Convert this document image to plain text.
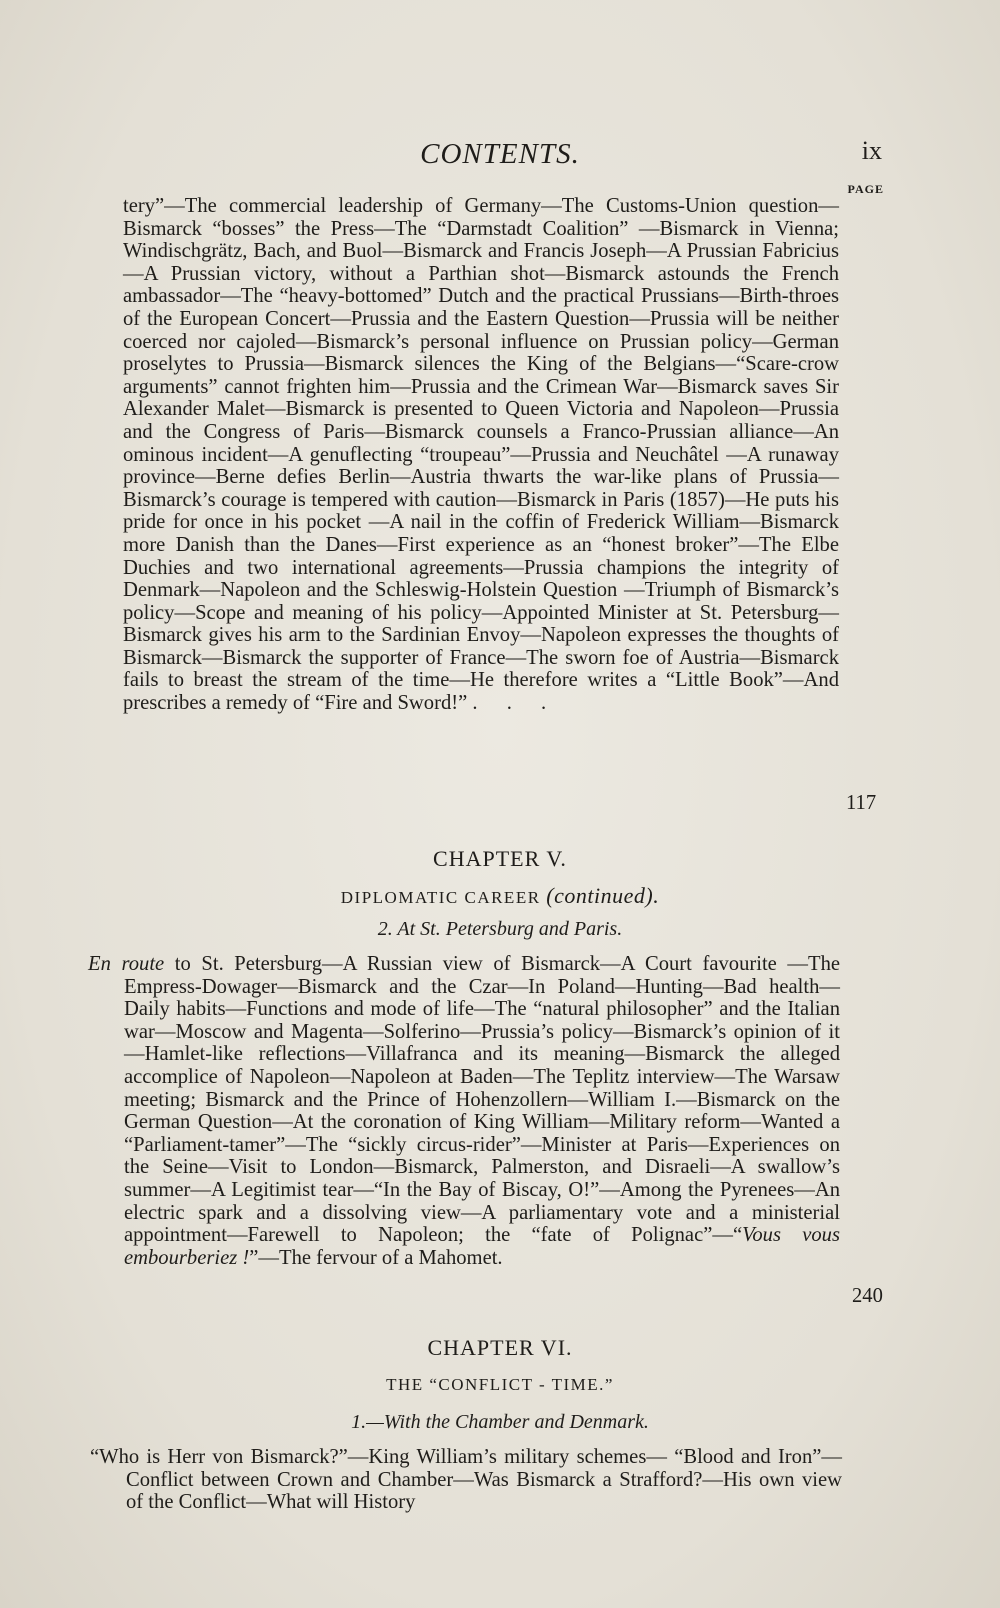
CONTENTS.	ix
PAGE
tery”—The commercial leadership of Germany—The Customs-Union question—Bismarck “bosses” the Press—The “Darmstadt Coalition” —Bismarck in Vienna; Windischgrätz, Bach, and Buol—Bismarck and Francis Joseph—A Prussian Fabricius—A Prussian victory, without a Parthian shot—Bismarck astounds the French ambassador—The “heavy-bottomed” Dutch and the practical Prussians—Birth-throes of the European Concert—Prussia and the Eastern Question—Prussia will be neither coerced nor cajoled—Bismarck’s personal influence on Prussian policy—German proselytes to Prussia—Bismarck silences the King of the Belgians—“Scare-crow arguments” cannot frighten him—Prussia and the Crimean War—Bismarck saves Sir Alexander Malet—Bismarck is presented to Queen Victoria and Napoleon—Prussia and the Congress of Paris—Bismarck counsels a Franco-Prussian alliance—An ominous incident—A genuflecting “troupeau”—Prussia and Neuchâtel —A runaway province—Berne defies Berlin—Austria thwarts the war-like plans of Prussia—Bismarck’s courage is tempered with caution—Bismarck in Paris (1857)—He puts his pride for once in his pocket —A nail in the coffin of Frederick William—Bismarck more Danish than the Danes—First experience as an “honest broker”—The Elbe Duchies and two international agreements—Prussia champions the integrity of Denmark—Napoleon and the Schleswig-Holstein Question —Triumph of Bismarck’s policy—Scope and meaning of his policy—Appointed Minister at St. Petersburg—Bismarck gives his arm to the Sardinian Envoy—Napoleon expresses the thoughts of Bismarck—Bismarck the supporter of France—The sworn foe of Austria—Bismarck fails to breast the stream of the time—He therefore writes a “Little Book”—And prescribes a remedy of “Fire and Sword!” . . .
117
CHAPTER V.
DIPLOMATIC CAREER (continued).
2. At St. Petersburg and Paris.
En route to St. Petersburg—A Russian view of Bismarck—A Court favourite —The Empress-Dowager—Bismarck and the Czar—In Poland—Hunting—Bad health—Daily habits—Functions and mode of life—The “natural philosopher” and the Italian war—Moscow and Magenta—Solferino—Prussia’s policy—Bismarck’s opinion of it—Hamlet-like reflections—Villafranca and its meaning—Bismarck the alleged accomplice of Napoleon—Napoleon at Baden—The Teplitz interview—The Warsaw meeting; Bismarck and the Prince of Hohenzollern—William I.—Bismarck on the German Question—At the coronation of King William—Military reform—Wanted a “Parliament-tamer”—The “sickly circus-rider”—Minister at Paris—Experiences on the Seine—Visit to London—Bismarck, Palmerston, and Disraeli—A swallow’s summer—A Legitimist tear—“In the Bay of Biscay, O!”—Among the Pyrenees—An electric spark and a dissolving view—A parliamentary vote and a ministerial appointment—Farewell to Napoleon; the “fate of Polignac”—“Vous vous embourberiez !”—The fervour of a Mahomet.
240
CHAPTER VI.
THE “CONFLICT - TIME.”
1.—With the Chamber and Denmark.
“Who is Herr von Bismarck?”—King William’s military schemes— “Blood and Iron”—Conflict between Crown and Chamber—Was Bismarck a Strafford?—His own view of the Conflict—What will History
